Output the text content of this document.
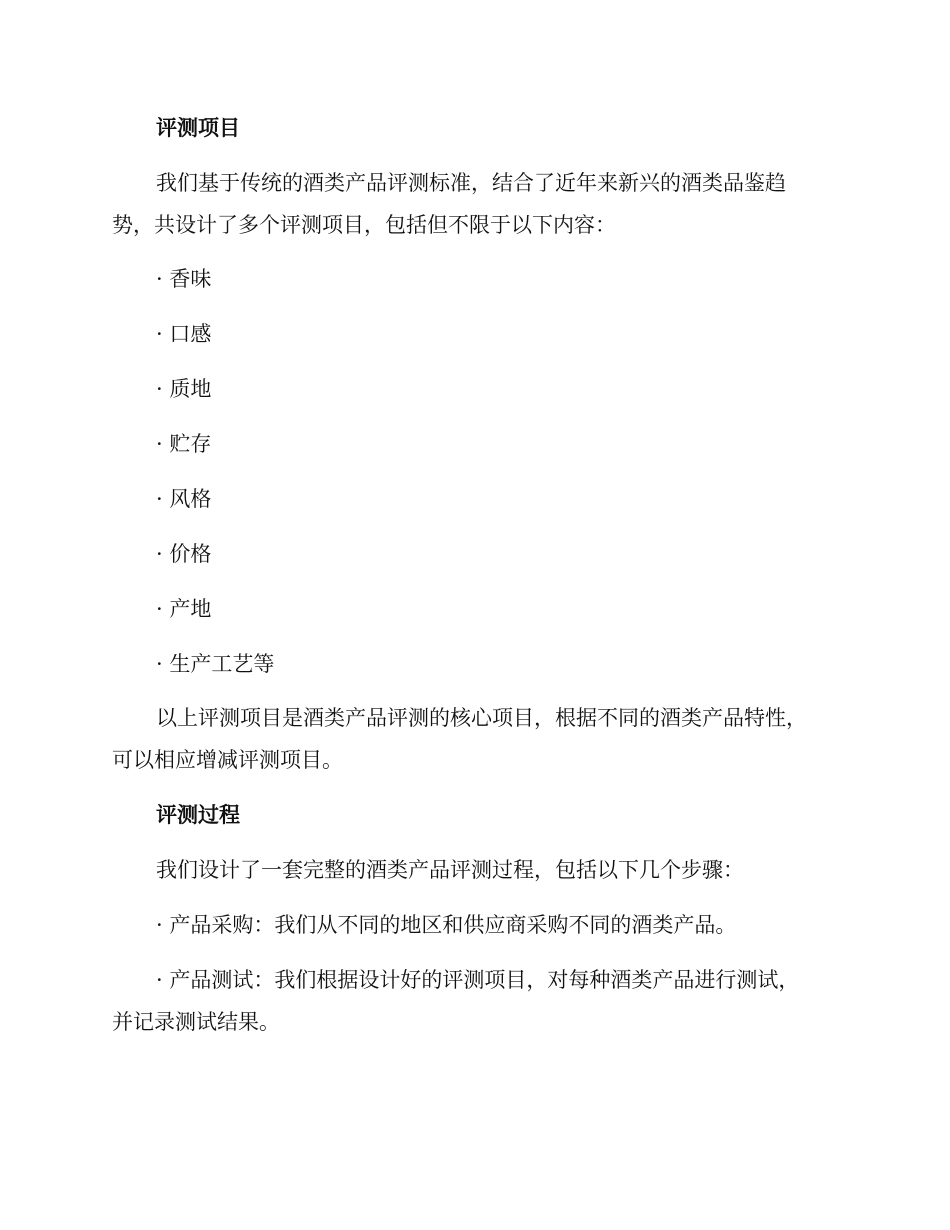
评测项目
我们基于传统的酒类产品评测标准，结合了近年来新兴的酒类品鉴趋
势，共设计了多个评测项目，包括但不限于以下内容：
· 香味
· 口感
· 质地
· 贮存
· 风格
· 价格
· 产地
· 生产工艺等
以上评测项目是酒类产品评测的核心项目，根据不同的酒类产品特性，
可以相应增减评测项目。
评测过程
我们设计了一套完整的酒类产品评测过程，包括以下几个步骤：
· 产品采购：我们从不同的地区和供应商采购不同的酒类产品。
· 产品测试：我们根据设计好的评测项目，对每种酒类产品进行测试，
并记录测试结果。
